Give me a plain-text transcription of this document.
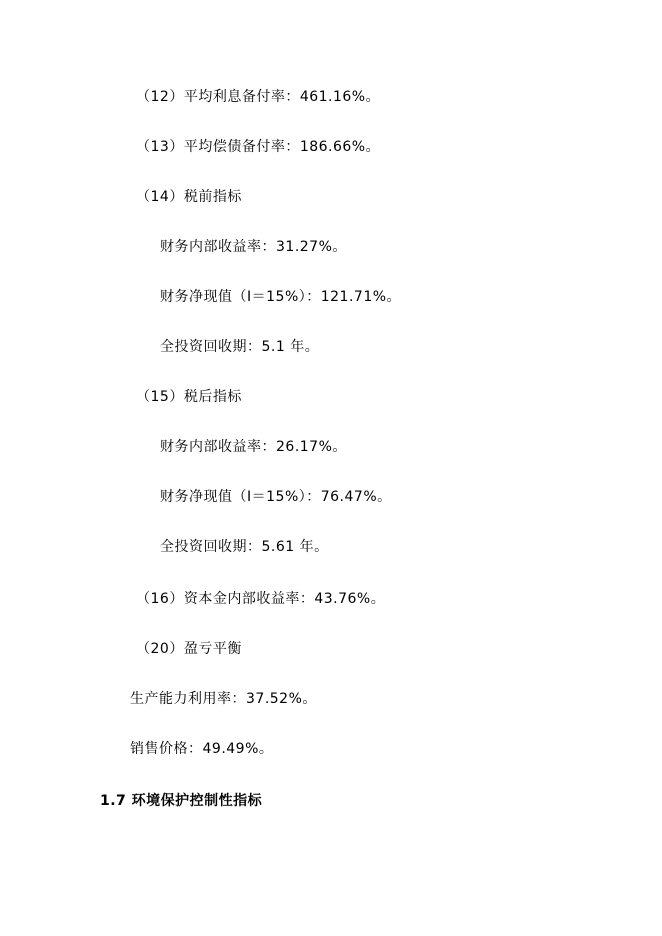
（12）平均利息备付率：461.16%。
（13）平均偿债备付率：186.66%。
（14）税前指标
财务内部收益率：31.27%。
财务净现值（I＝15%）：121.71%。
全投资回收期：5.1 年。
（15）税后指标
财务内部收益率：26.17%。
财务净现值（I＝15%）：76.47%。
全投资回收期：5.61 年。
（16）资本金内部收益率：43.76%。
（20）盈亏平衡
生产能力利用率：37.52%。
销售价格：49.49%。
1.7 环境保护控制性指标
